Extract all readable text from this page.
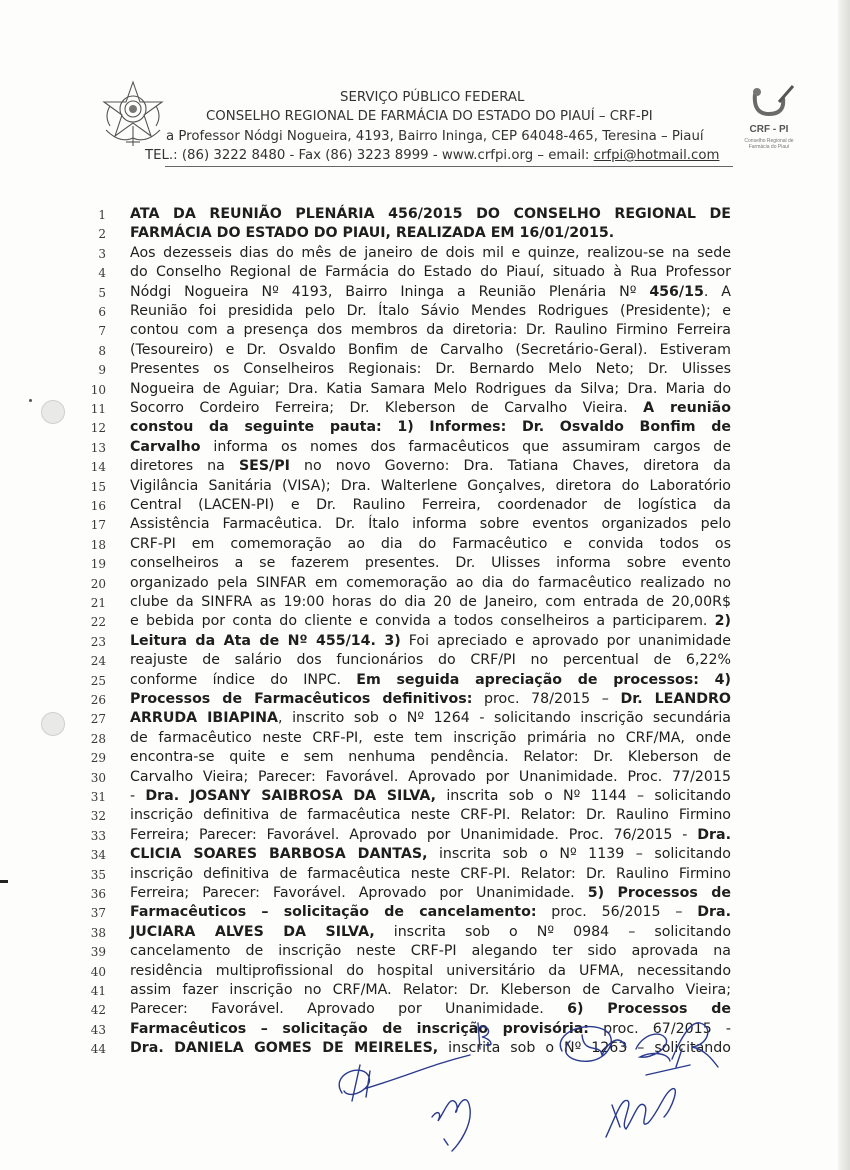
SERVIÇO PÚBLICO FEDERAL
CONSELHO REGIONAL DE FARMÁCIA DO ESTADO DO PIAUÍ – CRF-PI
a Professor Nódgi Nogueira, 4193, Bairro Ininga, CEP 64048-465, Teresina – Piauí
TEL.: (86) 3222 8480 - Fax (86) 3223 8999 - www.crfpi.org – email: crfpi@hotmail.com
CRF - PI
Conselho Regional de Farmácia do Piauí
1 ATA DA REUNIÃO PLENÁRIA 456/2015 DO CONSELHO REGIONAL DE
2 FARMÁCIA DO ESTADO DO PIAUI, REALIZADA EM 16/01/2015.
3 Aos dezesseis dias do mês de janeiro de dois mil e quinze, realizou-se na sede
4 do Conselho Regional de Farmácia do Estado do Piauí, situado à Rua Professor
5 Nódgi Nogueira Nº 4193, Bairro Ininga a Reunião Plenária Nº 456/15. A
6 Reunião foi presidida pelo Dr. Ítalo Sávio Mendes Rodrigues (Presidente); e
7 contou com a presença dos membros da diretoria: Dr. Raulino Firmino Ferreira
8 (Tesoureiro) e Dr. Osvaldo Bonfim de Carvalho (Secretário-Geral). Estiveram
9 Presentes os Conselheiros Regionais: Dr. Bernardo Melo Neto; Dr. Ulisses
10 Nogueira de Aguiar; Dra. Katia Samara Melo Rodrigues da Silva; Dra. Maria do
11 Socorro Cordeiro Ferreira; Dr. Kleberson de Carvalho Vieira. A reunião
12 constou da seguinte pauta: 1) Informes: Dr. Osvaldo Bonfim de
13 Carvalho informa os nomes dos farmacêuticos que assumiram cargos de
14 diretores na SES/PI no novo Governo: Dra. Tatiana Chaves, diretora da
15 Vigilância Sanitária (VISA); Dra. Walterlene Gonçalves, diretora do Laboratório
16 Central (LACEN-PI) e Dr. Raulino Ferreira, coordenador de logística da
17 Assistência Farmacêutica. Dr. Ítalo informa sobre eventos organizados pelo
18 CRF-PI em comemoração ao dia do Farmacêutico e convida todos os
19 conselheiros a se fazerem presentes. Dr. Ulisses informa sobre evento
20 organizado pela SINFAR em comemoração ao dia do farmacêutico realizado no
21 clube da SINFRA as 19:00 horas do dia 20 de Janeiro, com entrada de 20,00R$
22 e bebida por conta do cliente e convida a todos conselheiros a participarem. 2)
23 Leitura da Ata de Nº 455/14. 3) Foi apreciado e aprovado por unanimidade
24 reajuste de salário dos funcionários do CRF/PI no percentual de 6,22%
25 conforme índice do INPC. Em seguida apreciação de processos: 4)
26 Processos de Farmacêuticos definitivos: proc. 78/2015 – Dr. LEANDRO
27 ARRUDA IBIAPINA, inscrito sob o Nº 1264 - solicitando inscrição secundária
28 de farmacêutico neste CRF-PI, este tem inscrição primária no CRF/MA, onde
29 encontra-se quite e sem nenhuma pendência. Relator: Dr. Kleberson de
30 Carvalho Vieira; Parecer: Favorável. Aprovado por Unanimidade. Proc. 77/2015
31 - Dra. JOSANY SAIBROSA DA SILVA, inscrita sob o Nº 1144 – solicitando
32 inscrição definitiva de farmacêutica neste CRF-PI. Relator: Dr. Raulino Firmino
33 Ferreira; Parecer: Favorável. Aprovado por Unanimidade. Proc. 76/2015 - Dra.
34 CLICIA SOARES BARBOSA DANTAS, inscrita sob o Nº 1139 – solicitando
35 inscrição definitiva de farmacêutica neste CRF-PI. Relator: Dr. Raulino Firmino
36 Ferreira; Parecer: Favorável. Aprovado por Unanimidade. 5) Processos de
37 Farmacêuticos – solicitação de cancelamento: proc. 56/2015 – Dra.
38 JUCIARA ALVES DA SILVA, inscrita sob o Nº 0984 – solicitando
39 cancelamento de inscrição neste CRF-PI alegando ter sido aprovada na
40 residência multiprofissional do hospital universitário da UFMA, necessitando
41 assim fazer inscrição no CRF/MA. Relator: Dr. Kleberson de Carvalho Vieira;
42 Parecer: Favorável. Aprovado por Unanimidade. 6) Processos de
43 Farmacêuticos – solicitação de inscrição provisória: proc. 67/2015 -
44 Dra. DANIELA GOMES DE MEIRELES, inscrita sob o Nº 1263 – solicitando
